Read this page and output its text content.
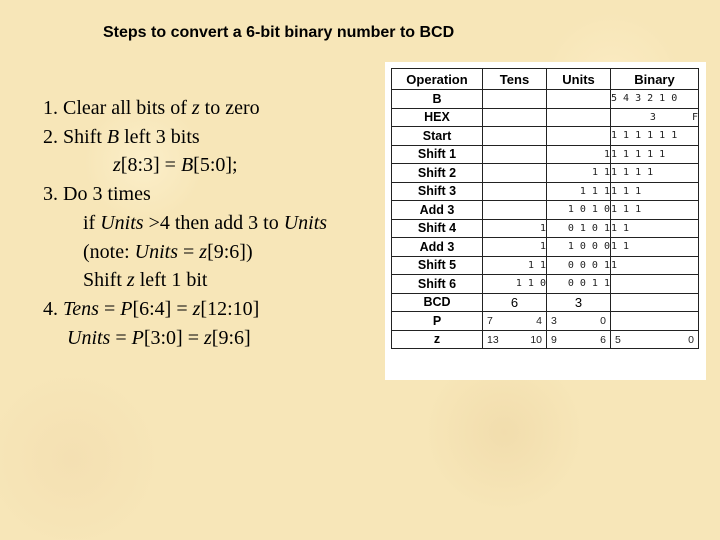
Steps to convert a 6-bit binary number to BCD
1. Clear all bits of z to zero
2. Shift B left 3 bits
z[8:3] = B[5:0];
3. Do 3 times
if Units >4 then add 3 to Units
(note: Units = z[9:6])
Shift z left 1 bit
4. Tens = P[6:4] = z[12:10]
Units = P[3:0] = z[9:6]
Operation	Tens	Units	Binary
B			5 4 3 2 1 0
HEX			3      F
Start			1 1 1 1 1 1
Shift 1		1	1 1 1 1 1
Shift 2		1 1	1 1 1 1
Shift 3		1 1 1	1 1 1
Add 3		1 0 1 0	1 1 1
Shift 4	1	0 1 0 1	1 1
Add 3	1	1 0 0 0	1 1
Shift 5	1 1	0 0 0 1	1
Shift 6	1 1 0	0 0 1 1	
BCD	6	3	
P	7 4	3 0	

z	13 10	9 6	5 0
